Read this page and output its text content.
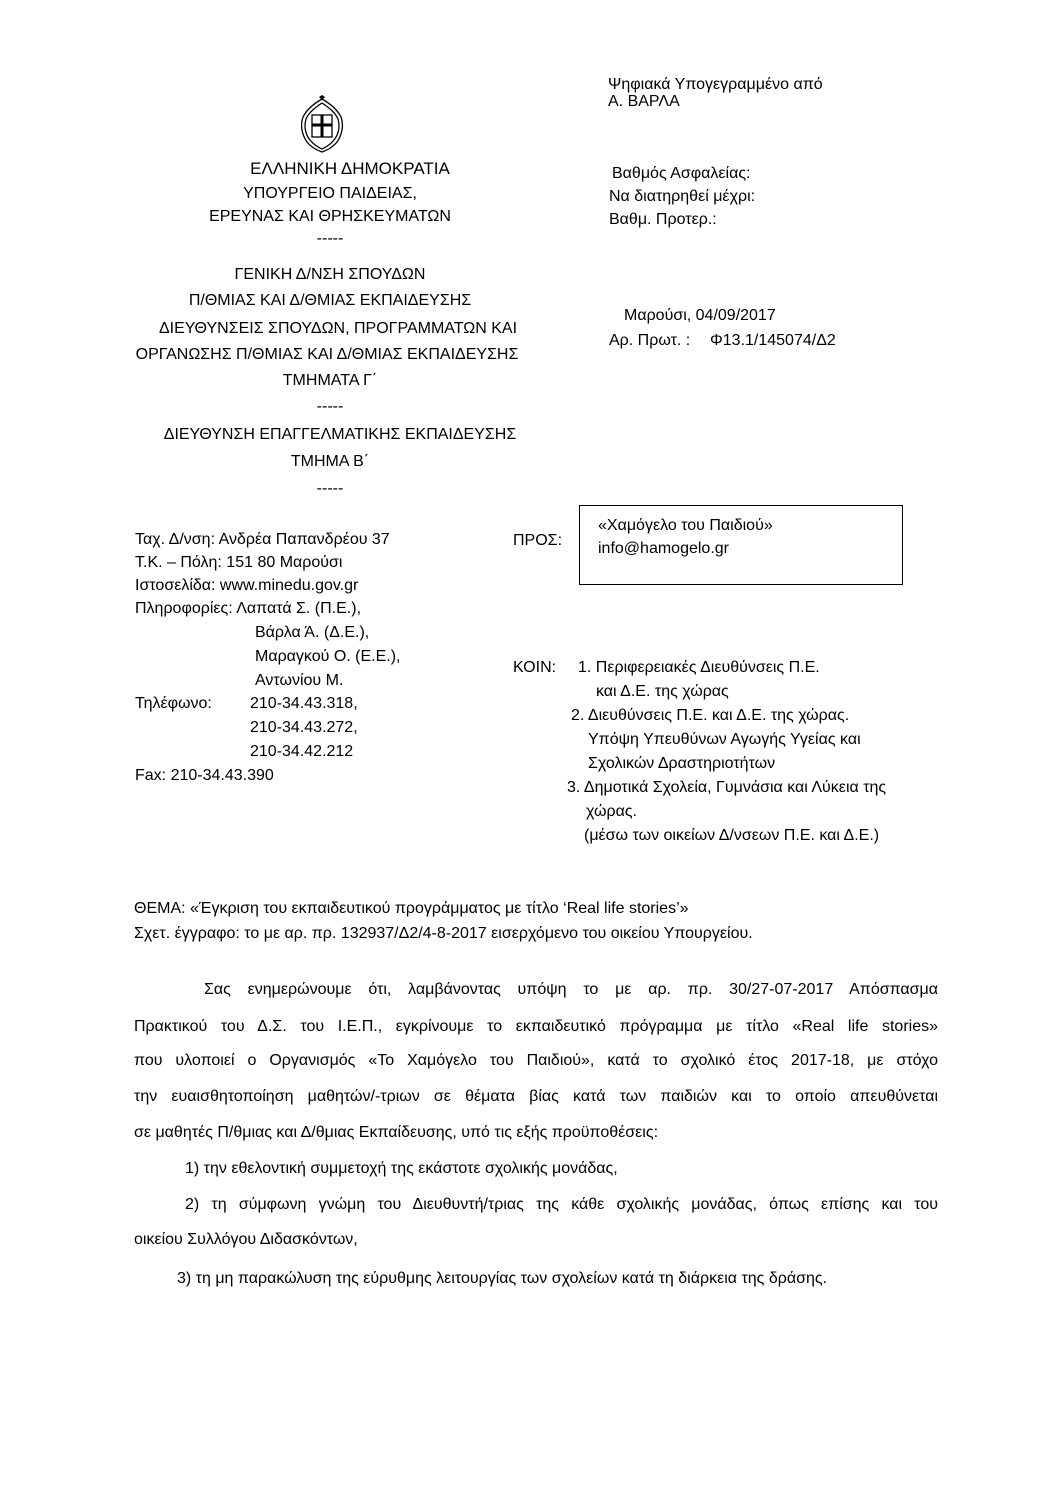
Ψηφιακά Υπογεγραμμένο από
Α. ΒΑΡΛΑ
ΕΛΛΗΝΙΚΗ ΔΗΜΟΚΡΑΤΙΑ
ΥΠΟΥΡΓΕΙΟ ΠΑΙΔΕΙΑΣ,
ΕΡΕΥΝΑΣ ΚΑΙ ΘΡΗΣΚΕΥΜΑΤΩΝ
-----
ΓΕΝΙΚΗ Δ/ΝΣΗ ΣΠΟΥΔΩΝ
Π/ΘΜΙΑΣ ΚΑΙ Δ/ΘΜΙΑΣ ΕΚΠΑΙΔΕΥΣΗΣ
ΔΙΕΥΘΥΝΣΕΙΣ ΣΠΟΥΔΩΝ, ΠΡΟΓΡΑΜΜΑΤΩΝ ΚΑΙ
ΟΡΓΑΝΩΣΗΣ Π/ΘΜΙΑΣ ΚΑΙ Δ/ΘΜΙΑΣ ΕΚΠΑΙΔΕΥΣΗΣ
ΤΜΗΜΑΤΑ Γ΄
-----
ΔΙΕΥΘΥΝΣΗ ΕΠΑΓΓΕΛΜΑΤΙΚΗΣ ΕΚΠΑΙΔΕΥΣΗΣ
ΤΜΗΜΑ Β΄
-----
Βαθμός Ασφαλείας:
Να διατηρηθεί μέχρι:
Βαθμ. Προτερ.:
Μαρούσι, 04/09/2017
Αρ. Πρωτ. : Φ13.1/145074/Δ2
Ταχ. Δ/νση: Ανδρέα Παπανδρέου 37
Τ.Κ. – Πόλη: 151 80 Μαρούσι
Ιστοσελίδα: www.minedu.gov.gr
Πληροφορίες: Λαπατά Σ. (Π.Ε.),
Βάρλα Ά. (Δ.Ε.),
Μαραγκού Ο. (Ε.Ε.),
Αντωνίου Μ.
Τηλέφωνο: 210-34.43.318,
210-34.43.272,
210-34.42.212
Fax: 210-34.43.390
ΠΡΟΣ:
«Χαμόγελο του Παιδιού»
info@hamogelo.gr
ΚΟΙΝ: 1. Περιφερειακές Διευθύνσεις Π.Ε.
και Δ.Ε. της χώρας
2. Διευθύνσεις Π.Ε. και Δ.Ε. της χώρας.
Υπόψη Υπευθύνων Αγωγής Υγείας και
Σχολικών Δραστηριοτήτων
3. Δημοτικά Σχολεία, Γυμνάσια και Λύκεια της
χώρας.
(μέσω των οικείων Δ/νσεων Π.Ε. και Δ.Ε.)
ΘΕΜΑ: «Έγκριση του εκπαιδευτικού προγράμματος με τίτλο ‘Real life stories’»
Σχετ. έγγραφο: το με αρ. πρ. 132937/Δ2/4-8-2017 εισερχόμενο του οικείου Υπουργείου.
Σας ενημερώνουμε ότι, λαμβάνοντας υπόψη το με αρ. πρ. 30/27-07-2017 Απόσπασμα
Πρακτικού του Δ.Σ. του Ι.Ε.Π., εγκρίνουμε το εκπαιδευτικό πρόγραμμα με τίτλο «Real life stories»
που υλοποιεί ο Οργανισμός «Το Χαμόγελο του Παιδιού», κατά το σχολικό έτος 2017-18, με στόχο
την ευαισθητοποίηση μαθητών/-τριων σε θέματα βίας κατά των παιδιών και το οποίο απευθύνεται
σε μαθητές Π/θμιας και Δ/θμιας Εκπαίδευσης, υπό τις εξής προϋποθέσεις:
1) την εθελοντική συμμετοχή της εκάστοτε σχολικής μονάδας,
2) τη σύμφωνη γνώμη του Διευθυντή/τριας της κάθε σχολικής μονάδας, όπως επίσης και του
οικείου Συλλόγου Διδασκόντων,
3) τη μη παρακώλυση της εύρυθμης λειτουργίας των σχολείων κατά τη διάρκεια της δράσης.
